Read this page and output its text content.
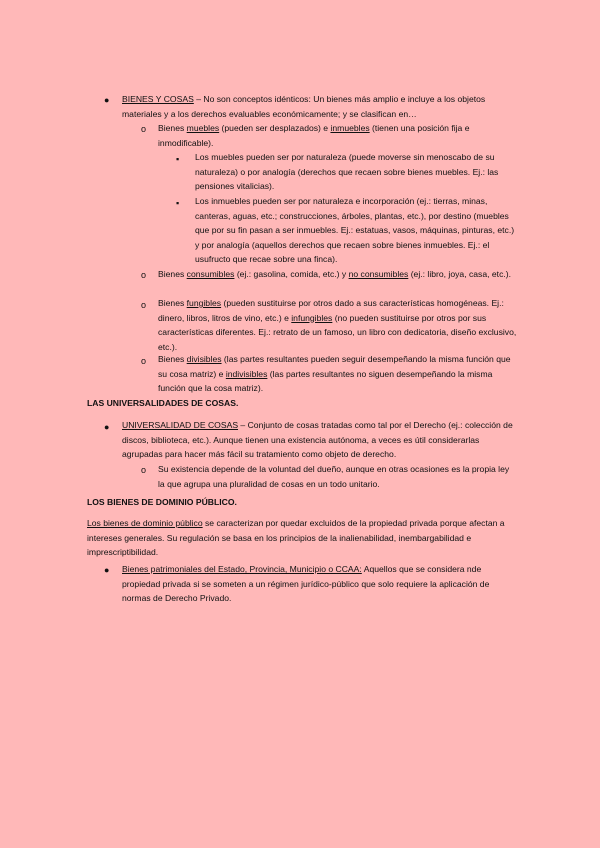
● BIENES Y COSAS – No son conceptos idénticos: Un bienes más amplio e incluye a los objetos materiales y a los derechos evaluables económicamente; y se clasifican en…
o Bienes muebles (pueden ser desplazados) e inmuebles (tienen una posición fija e inmodificable).
▪ Los muebles pueden ser por naturaleza (puede moverse sin menoscabo de su naturaleza) o por analogía (derechos que recaen sobre bienes muebles. Ej.: las pensiones vitalicias).
▪ Los inmuebles pueden ser por naturaleza e incorporación (ej.: tierras, minas, canteras, aguas, etc.; construcciones, árboles, plantas, etc.), por destino (muebles que por su fin pasan a ser inmuebles. Ej.: estatuas, vasos, máquinas, pinturas, etc.) y por analogía (aquellos derechos que recaen sobre bienes inmuebles. Ej.: el usufructo que recae sobre una finca).
o Bienes consumibles (ej.: gasolina, comida, etc.) y no consumibles (ej.: libro, joya, casa, etc.).
o Bienes fungibles (pueden sustituirse por otros dado a sus características homogéneas. Ej.: dinero, libros, litros de vino, etc.) e infungibles (no pueden sustituirse por otros por sus características diferentes. Ej.: retrato de un famoso, un libro con dedicatoria, diseño exclusivo, etc.).
o Bienes divisibles (las partes resultantes pueden seguir desempeñando la misma función que su cosa matriz) e indivisibles (las partes resultantes no siguen desempeñando la misma función que la cosa matriz).
LAS UNIVERSALIDADES DE COSAS.
● UNIVERSALIDAD DE COSAS – Conjunto de cosas tratadas como tal por el Derecho (ej.: colección de discos, biblioteca, etc.). Aunque tienen una existencia autónoma, a veces es útil considerarlas agrupadas para hacer más fácil su tratamiento como objeto de derecho.
o Su existencia depende de la voluntad del dueño, aunque en otras ocasiones es la propia ley la que agrupa una pluralidad de cosas en un todo unitario.
LOS BIENES DE DOMINIO PÚBLICO.
Los bienes de dominio público se caracterizan por quedar excluidos de la propiedad privada porque afectan a intereses generales. Su regulación se basa en los principios de la inalienabilidad, inembargabilidad e imprescriptibilidad.
● Bienes patrimoniales del Estado, Provincia, Municipio o CCAA: Aquellos que se considera nde propiedad privada si se someten a un régimen jurídico-público que solo requiere la aplicación de normas de Derecho Privado.
